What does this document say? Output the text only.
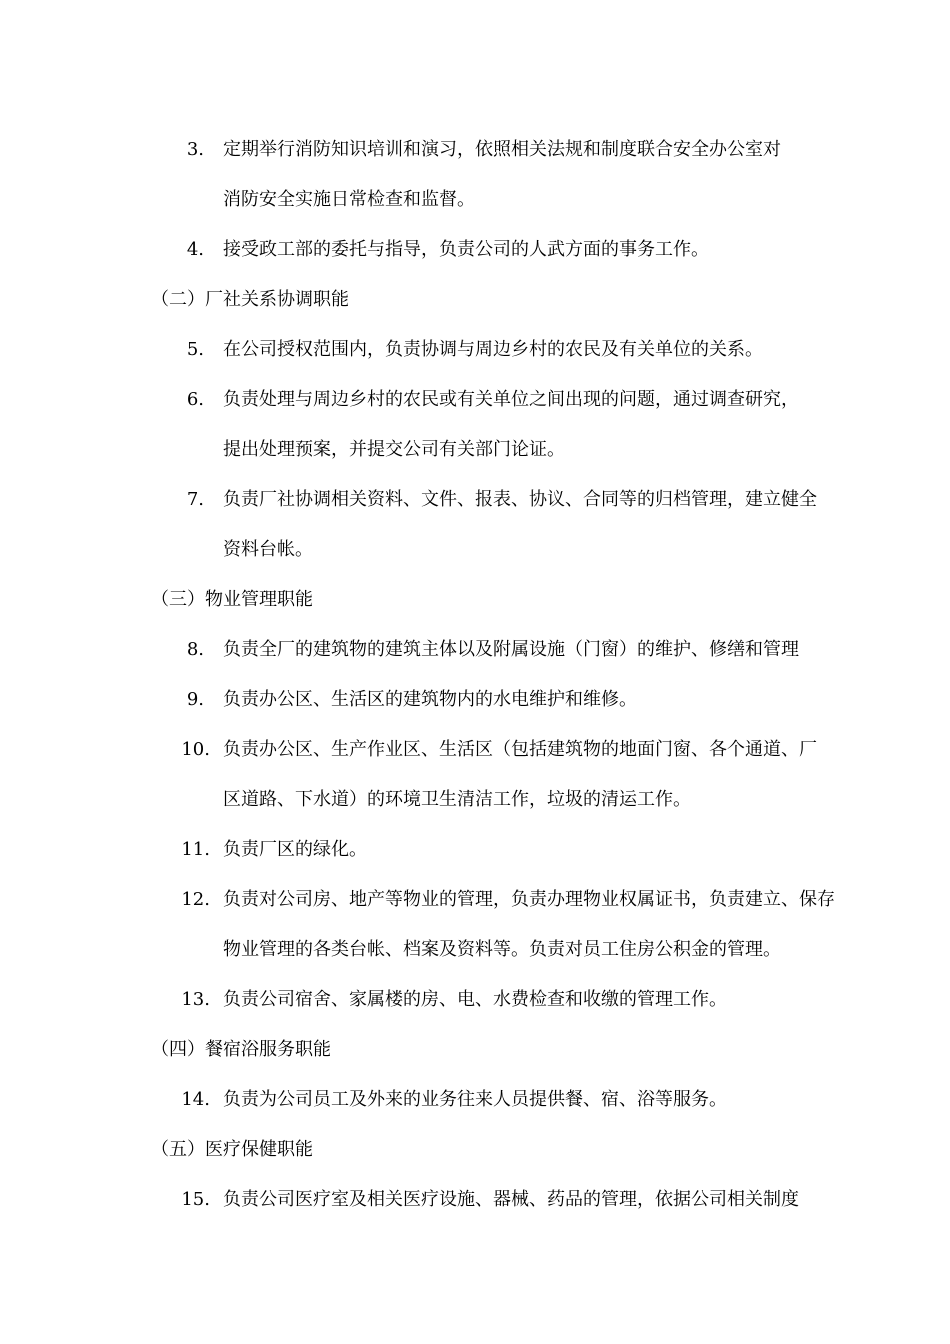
3. 定期举行消防知识培训和演习，依照相关法规和制度联合安全办公室对
消防安全实施日常检查和监督。
4. 接受政工部的委托与指导，负责公司的人武方面的事务工作。
（二）厂社关系协调职能
5. 在公司授权范围内，负责协调与周边乡村的农民及有关单位的关系。
6. 负责处理与周边乡村的农民或有关单位之间出现的问题，通过调查研究，
提出处理预案，并提交公司有关部门论证。
7. 负责厂社协调相关资料、文件、报表、协议、合同等的归档管理，建立健全
资料台帐。
（三）物业管理职能
8. 负责全厂的建筑物的建筑主体以及附属设施（门窗）的维护、修缮和管理
9. 负责办公区、生活区的建筑物内的水电维护和维修。
10. 负责办公区、生产作业区、生活区（包括建筑物的地面门窗、各个通道、厂
区道路、下水道）的环境卫生清洁工作，垃圾的清运工作。
11. 负责厂区的绿化。
12. 负责对公司房、地产等物业的管理，负责办理物业权属证书，负责建立、保存
物业管理的各类台帐、档案及资料等。负责对员工住房公积金的管理。
13. 负责公司宿舍、家属楼的房、电、水费检查和收缴的管理工作。
（四）餐宿浴服务职能
14. 负责为公司员工及外来的业务往来人员提供餐、宿、浴等服务。
（五）医疗保健职能
15. 负责公司医疗室及相关医疗设施、器械、药品的管理，依据公司相关制度
